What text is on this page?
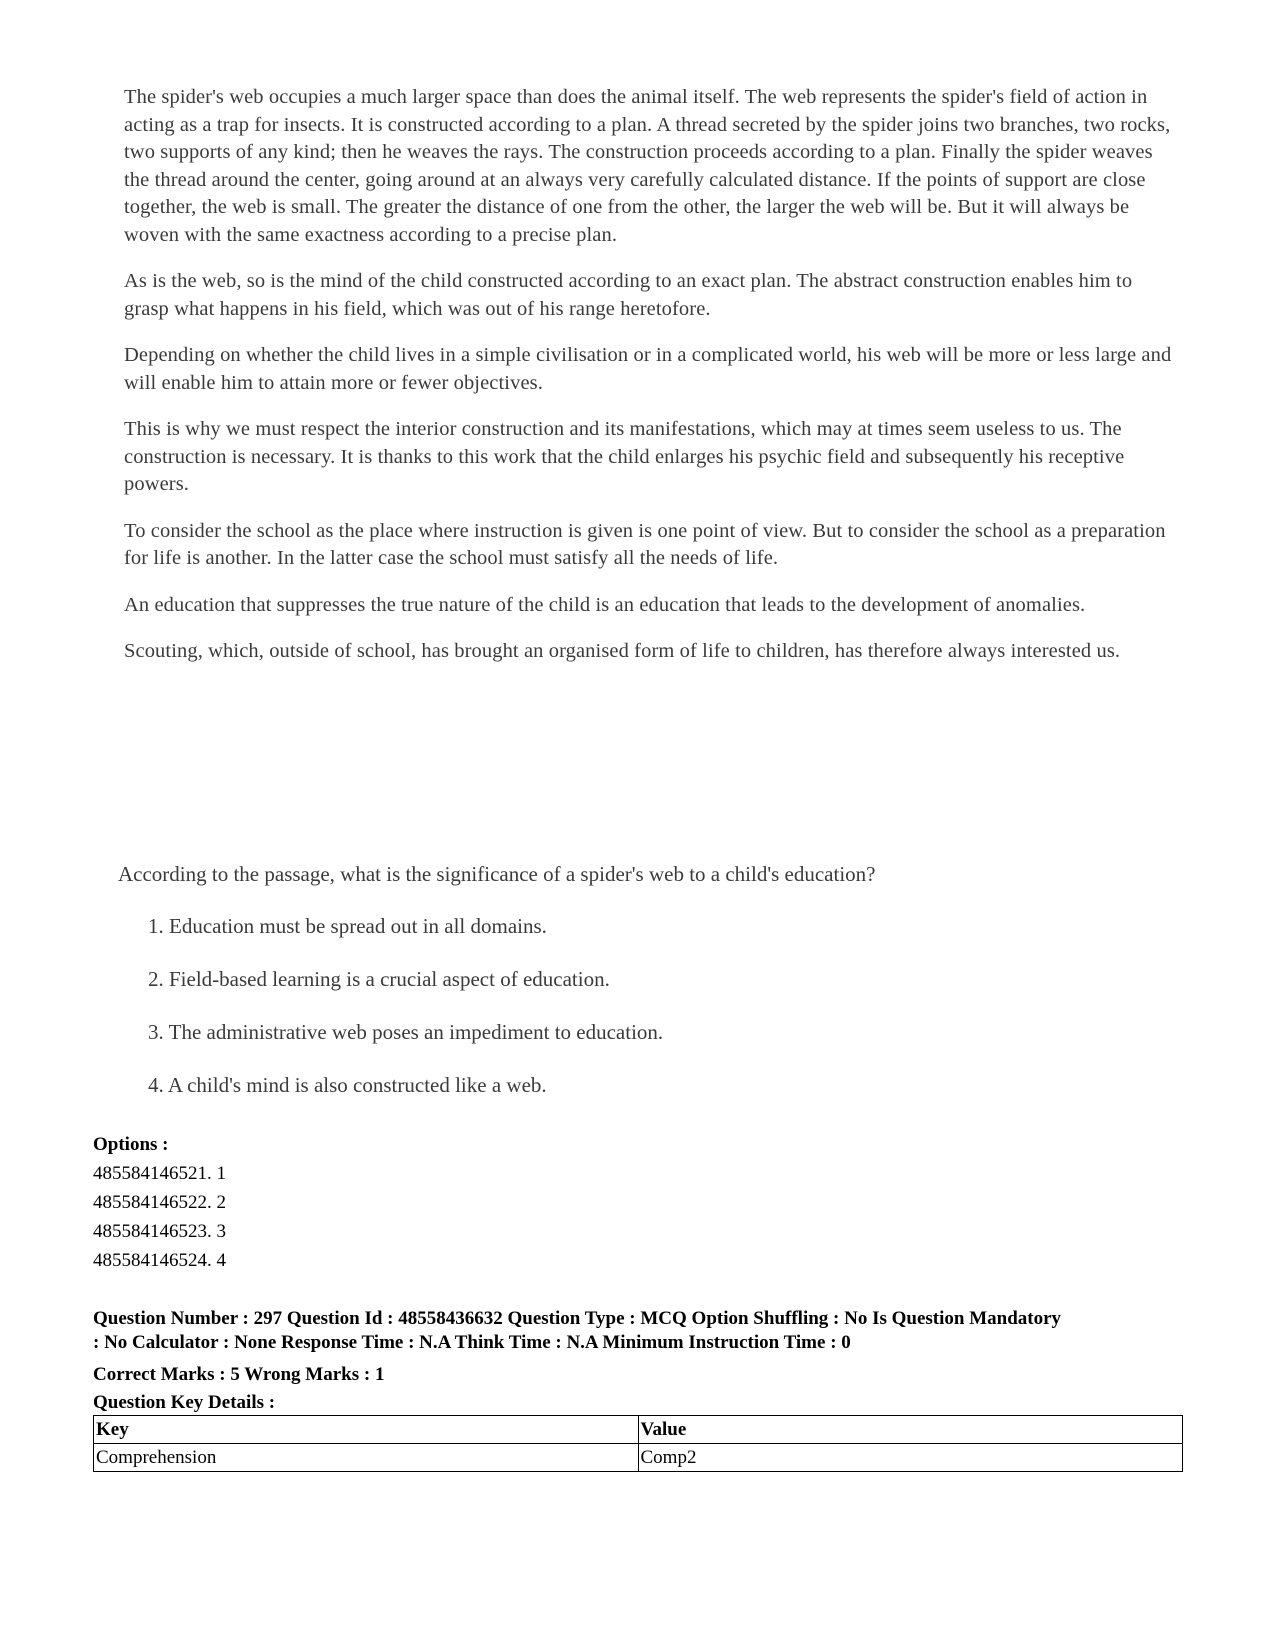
The spider's web occupies a much larger space than does the animal itself. The web represents the spider's field of action in acting as a trap for insects. It is constructed according to a plan. A thread secreted by the spider joins two branches, two rocks, two supports of any kind; then he weaves the rays. The construction proceeds according to a plan. Finally the spider weaves the thread around the center, going around at an always very carefully calculated distance. If the points of support are close together, the web is small. The greater the distance of one from the other, the larger the web will be. But it will always be woven with the same exactness according to a precise plan.

As is the web, so is the mind of the child constructed according to an exact plan. The abstract construction enables him to grasp what happens in his field, which was out of his range heretofore.

Depending on whether the child lives in a simple civilisation or in a complicated world, his web will be more or less large and will enable him to attain more or fewer objectives.

This is why we must respect the interior construction and its manifestations, which may at times seem useless to us. The construction is necessary. It is thanks to this work that the child enlarges his psychic field and subsequently his receptive powers.

To consider the school as the place where instruction is given is one point of view. But to consider the school as a preparation for life is another. In the latter case the school must satisfy all the needs of life.

An education that suppresses the true nature of the child is an education that leads to the development of anomalies.

Scouting, which, outside of school, has brought an organised form of life to children, has therefore always interested us.

According to the passage, what is the significance of a spider's web to a child's education?

1. Education must be spread out in all domains.
2. Field-based learning is a crucial aspect of education.
3. The administrative web poses an impediment to education.
4. A child's mind is also constructed like a web.
Options :
485584146521. 1
485584146522. 2
485584146523. 3
485584146524. 4

Question Number : 297 Question Id : 48558436632 Question Type : MCQ Option Shuffling : No Is Question Mandatory

: No Calculator : None Response Time : N.A Think Time : N.A Minimum Instruction Time : 0

Correct Marks : 5 Wrong Marks : 1

Question Key Details :

Key	Value
Comprehension	Comp2
